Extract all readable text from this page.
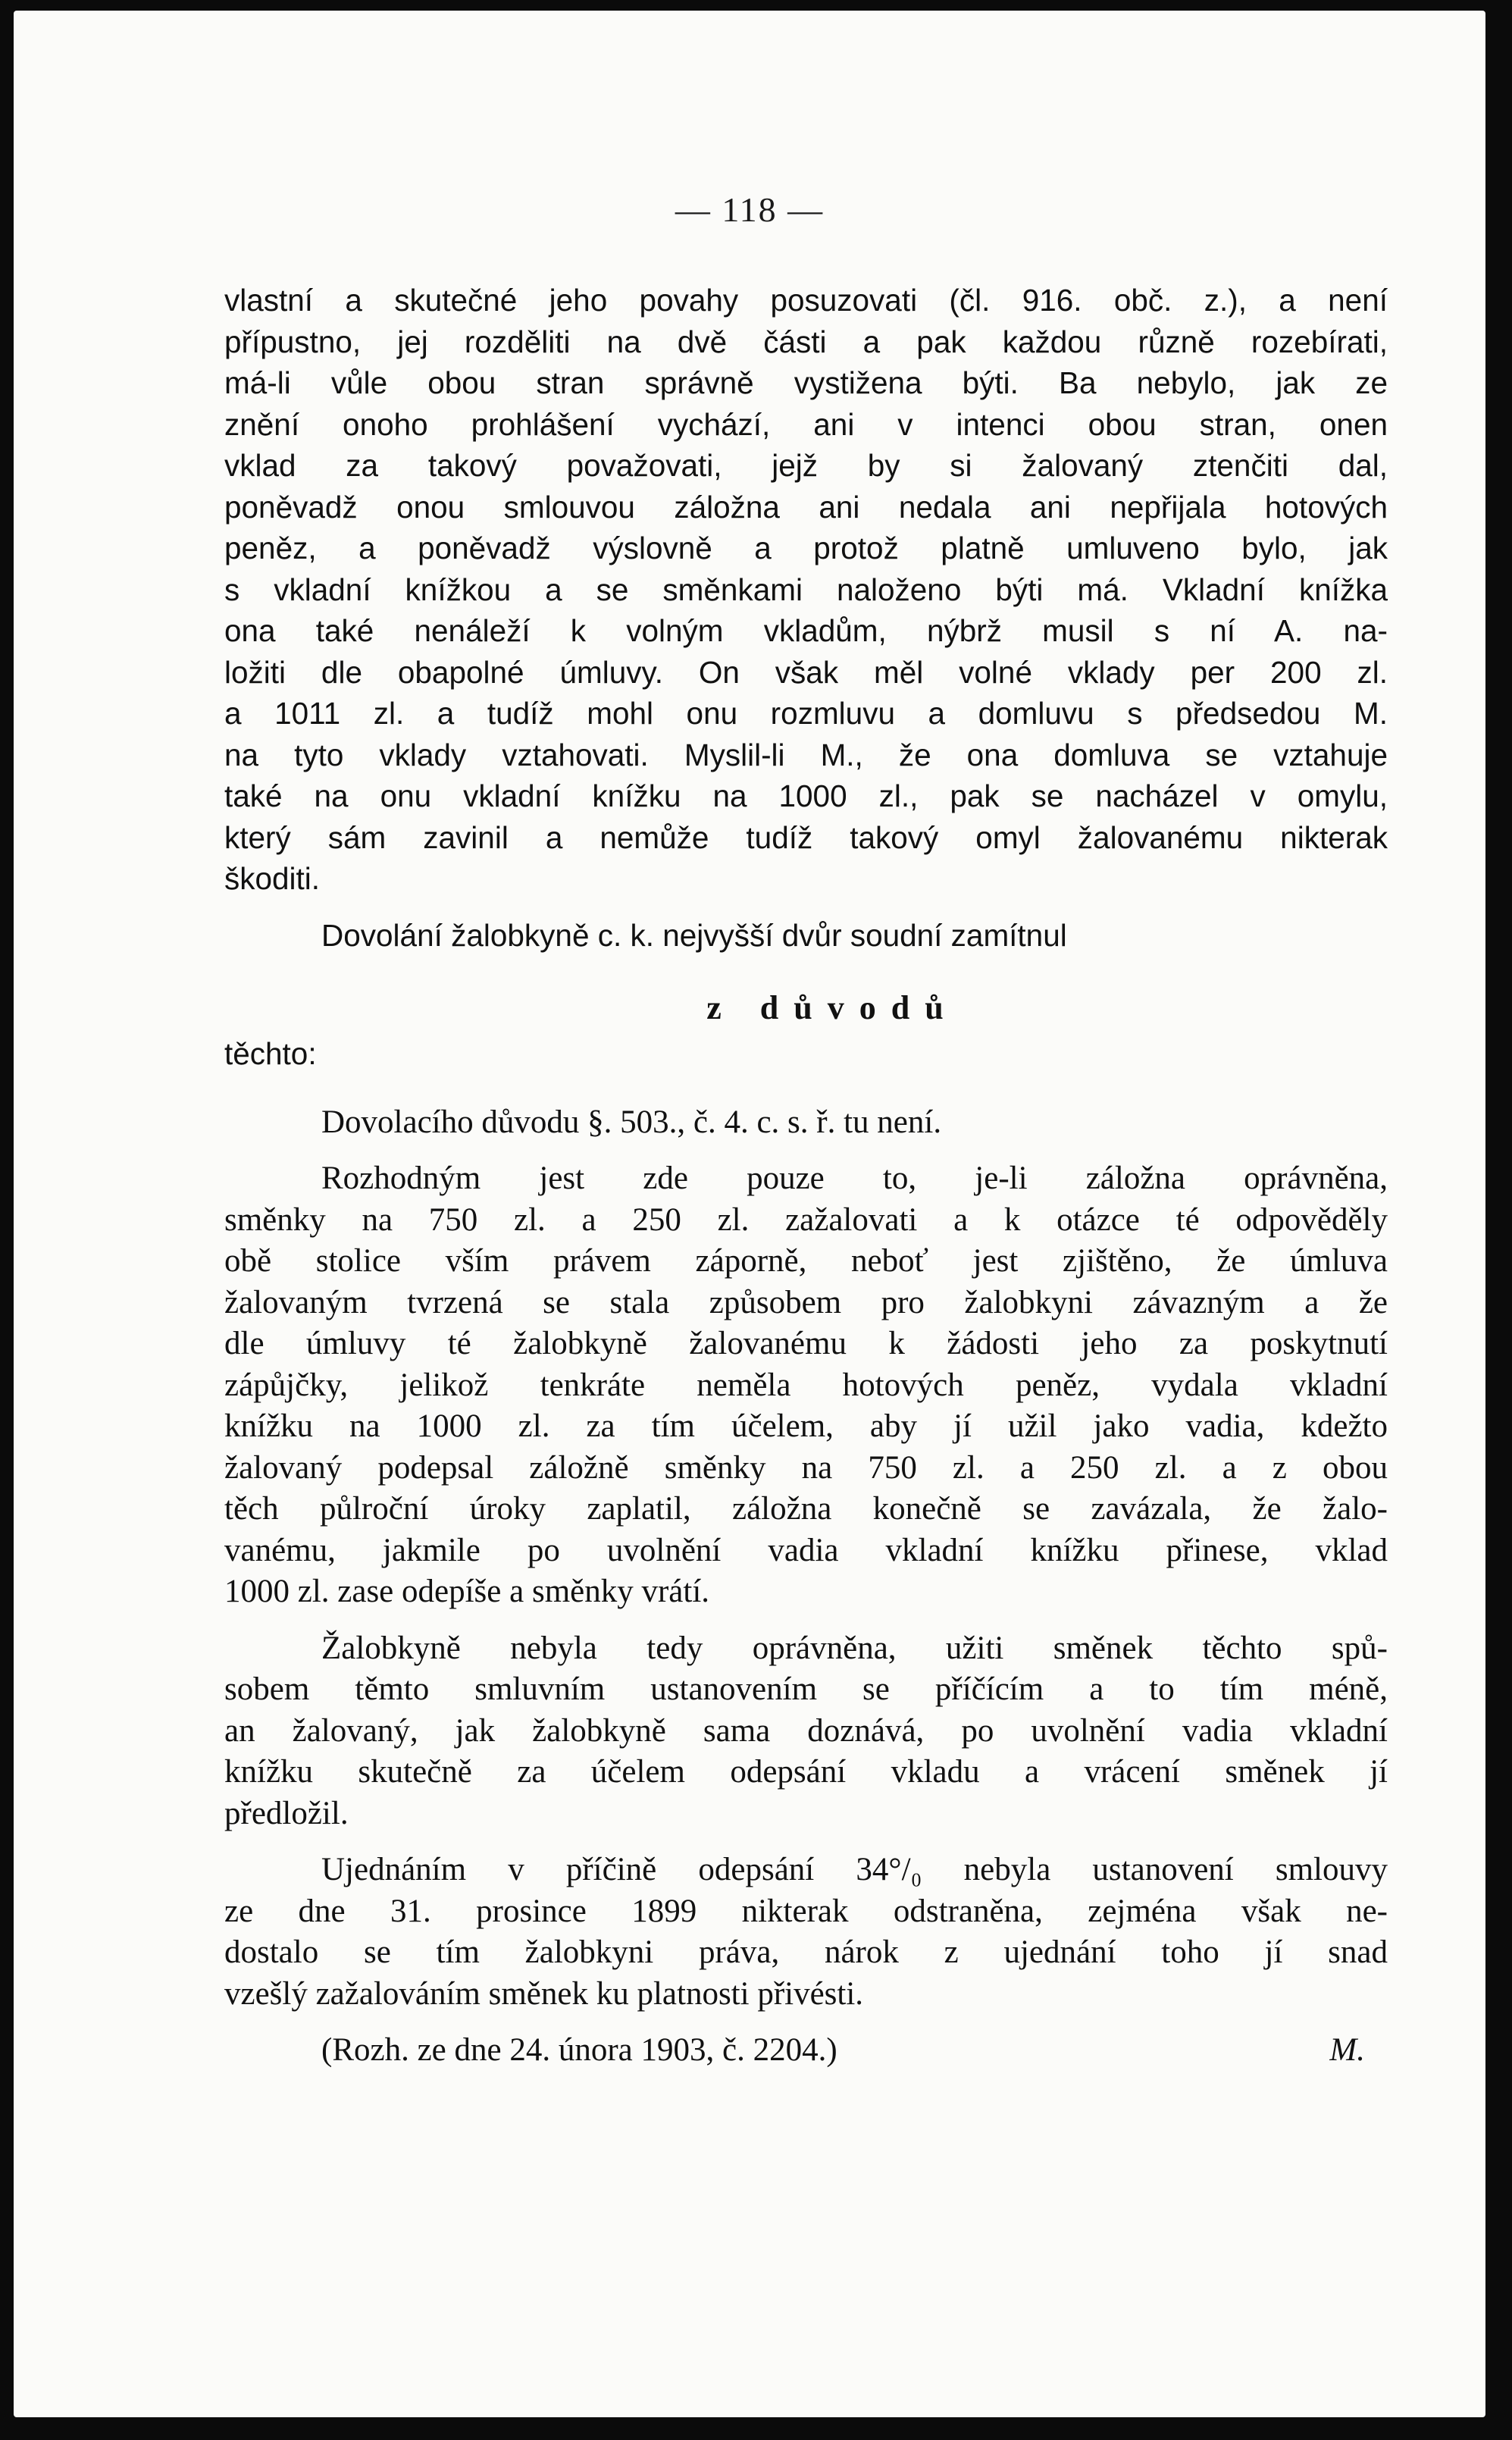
— 118 —
vlastní a skutečné jeho povahy posuzovati (čl. 916. obč. z.), a není
přípustno, jej rozděliti na dvě části a pak každou různě rozebírati,
má-li vůle obou stran správně vystižena býti. Ba nebylo, jak ze
znění onoho prohlášení vychází, ani v intenci obou stran, onen
vklad za takový považovati, jejž by si žalovaný ztenčiti dal,
poněvadž onou smlouvou záložna ani nedala ani nepřijala hotových
peněz, a poněvadž výslovně a protož platně umluveno bylo, jak
s vkladní knížkou a se směnkami naloženo býti má. Vkladní knížka
ona také nenáleží k volným vkladům, nýbrž musil s ní A. na-
ložiti dle obapolné úmluvy. On však měl volné vklady per 200 zl.
a 1011 zl. a tudíž mohl onu rozmluvu a domluvu s předsedou M.
na tyto vklady vztahovati. Myslil-li M., že ona domluva se vztahuje
také na onu vkladní knížku na 1000 zl., pak se nacházel v omylu,
který sám zavinil a nemůže tudíž takový omyl žalovanému nikterak
škoditi.
Dovolání žalobkyně c. k. nejvyšší dvůr soudní zamítnul
z důvodů
těchto:
Dovolacího důvodu §. 503., č. 4. c. s. ř. tu není.
Rozhodným jest zde pouze to, je-li záložna oprávněna,
směnky na 750 zl. a 250 zl. zažalovati a k otázce té odpověděly
obě stolice vším právem záporně, neboť jest zjištěno, že úmluva
žalovaným tvrzená se stala způsobem pro žalobkyni závazným a že
dle úmluvy té žalobkyně žalovanému k žádosti jeho za poskytnutí
zápůjčky, jelikož tenkráte neměla hotových peněz, vydala vkladní
knížku na 1000 zl. za tím účelem, aby jí užil jako vadia, kdežto
žalovaný podepsal záložně směnky na 750 zl. a 250 zl. a z obou
těch půlroční úroky zaplatil, záložna konečně se zavázala, že žalo-
vanému, jakmile po uvolnění vadia vkladní knížku přinese, vklad
1000 zl. zase odepíše a směnky vrátí.
Žalobkyně nebyla tedy oprávněna, užiti směnek těchto spů-
sobem těmto smluvním ustanovením se příčícím a to tím méně,
an žalovaný, jak žalobkyně sama doznává, po uvolnění vadia vkladní
knížku skutečně za účelem odepsání vkladu a vrácení směnek jí
předložil.
Ujednáním v příčině odepsání 34°/₀ nebyla ustanovení smlouvy
ze dne 31. prosince 1899 nikterak odstraněna, zejména však ne-
dostalo se tím žalobkyni práva, nárok z ujednání toho jí snad
vzešlý zažalováním směnek ku platnosti přivésti.
(Rozh. ze dne 24. února 1903, č. 2204.)	M.
